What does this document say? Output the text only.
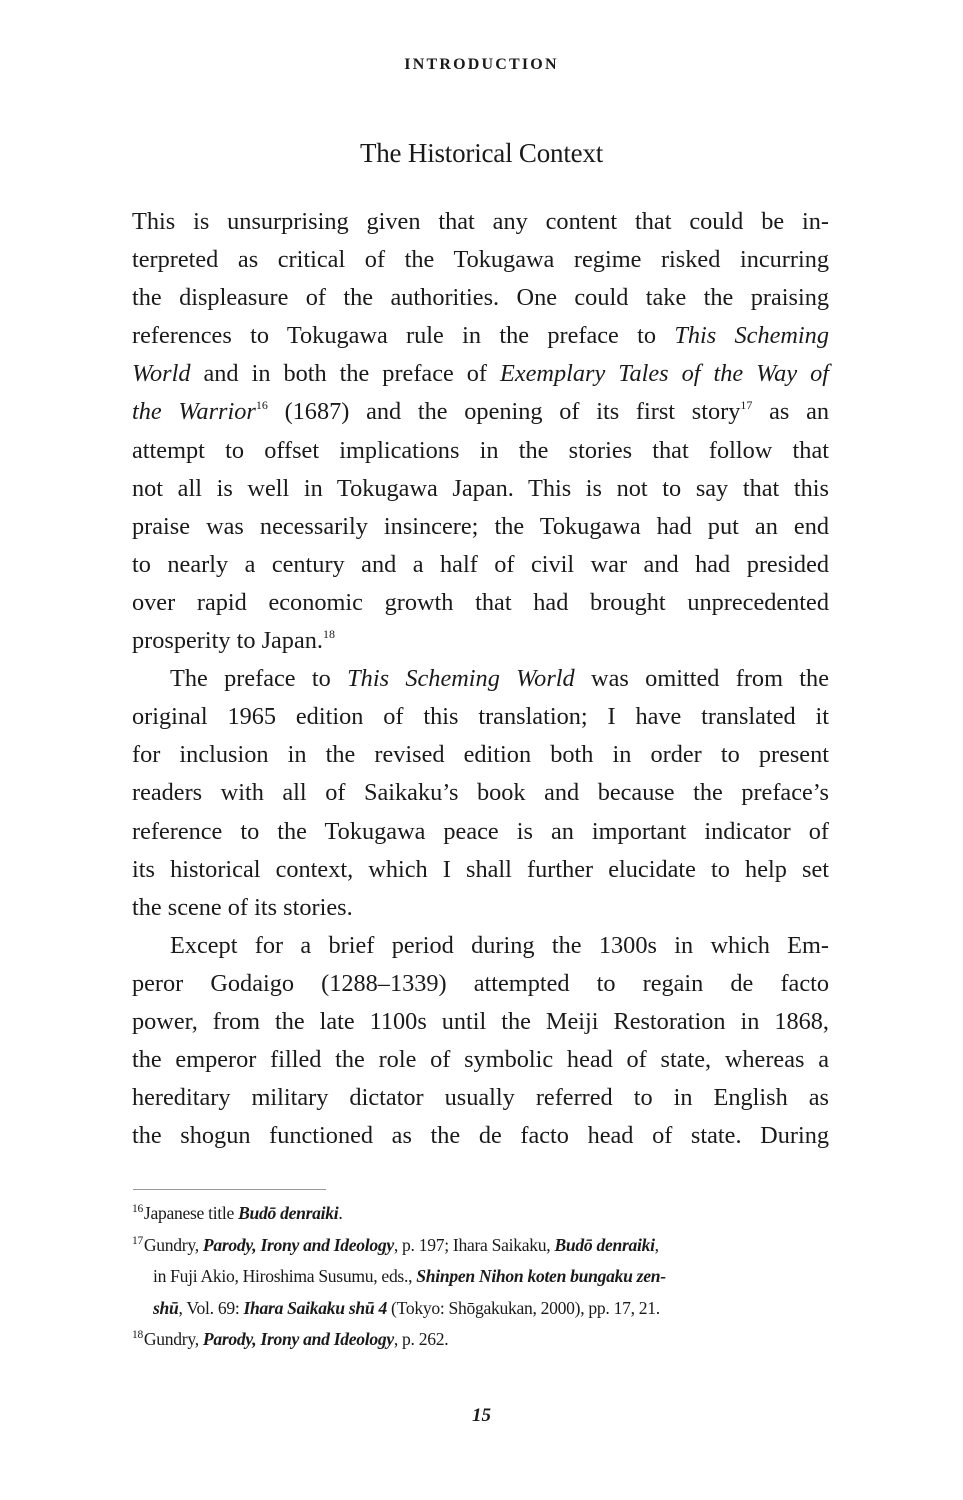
INTRODUCTION
The Historical Context
This is unsurprising given that any content that could be in-
terpreted as critical of the Tokugawa regime risked incurring
the displeasure of the authorities. One could take the praising
references to Tokugawa rule in the preface to This Scheming
World and in both the preface of Exemplary Tales of the Way of
the Warrior$^{16}$ (1687) and the opening of its first story$^{17}$ as an
attempt to offset implications in the stories that follow that
not all is well in Tokugawa Japan. This is not to say that this
praise was necessarily insincere; the Tokugawa had put an end
to nearly a century and a half of civil war and had presided
over rapid economic growth that had brought unprecedented
prosperity to Japan.$^{18}$
The preface to This Scheming World was omitted from the
original 1965 edition of this translation; I have translated it
for inclusion in the revised edition both in order to present
readers with all of Saikaku’s book and because the preface’s
reference to the Tokugawa peace is an important indicator of
its historical context, which I shall further elucidate to help set
the scene of its stories.
Except for a brief period during the 1300s in which Em-
peror Godaigo (1288–1339) attempted to regain de facto
power, from the late 1100s until the Meiji Restoration in 1868,
the emperor filled the role of symbolic head of state, whereas a
hereditary military dictator usually referred to in English as
the shogun functioned as the de facto head of state. During
$^{16}$Japanese title Budō denraiki.
$^{17}$Gundry, Parody, Irony and Ideology, p. 197; Ihara Saikaku, Budō denraiki,
in Fuji Akio, Hiroshima Susumu, eds., Shinpen Nihon koten bungaku zen-
shū, Vol. 69: Ihara Saikaku shū 4 (Tokyo: Shōgakukan, 2000), pp. 17, 21.
$^{18}$Gundry, Parody, Irony and Ideology, p. 262.
15
